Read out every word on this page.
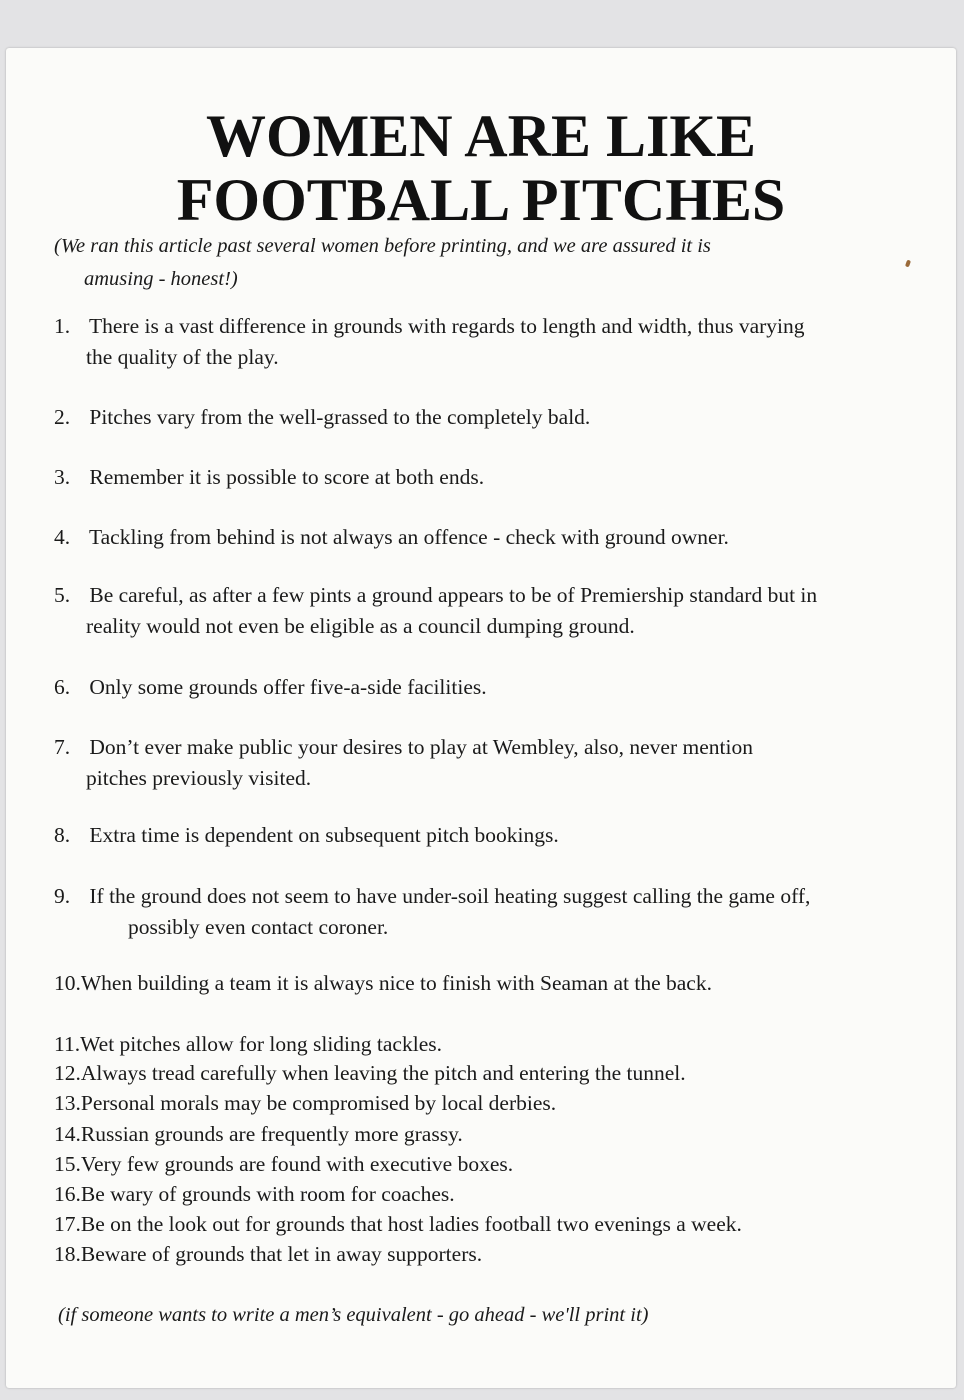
WOMEN ARE LIKE
FOOTBALL PITCHES

(We ran this article past several women before printing, and we are assured it is
amusing - honest!)

1. There is a vast difference in grounds with regards to length and width, thus varying
the quality of the play.

2. Pitches vary from the well-grassed to the completely bald.

3. Remember it is possible to score at both ends.

4. Tackling from behind is not always an offence - check with ground owner.

5. Be careful, as after a few pints a ground appears to be of Premiership standard but in
reality would not even be eligible as a council dumping ground.

6. Only some grounds offer five-a-side facilities.

7. Don’t ever make public your desires to play at Wembley, also, never mention
pitches previously visited.

8. Extra time is dependent on subsequent pitch bookings.

9. If the ground does not seem to have under-soil heating suggest calling the game off,
possibly even contact coroner.

10.When building a team it is always nice to finish with Seaman at the back.

11.Wet pitches allow for long sliding tackles.

12.Always tread carefully when leaving the pitch and entering the tunnel.

13.Personal morals may be compromised by local derbies.

14.Russian grounds are frequently more grassy.

15.Very few grounds are found with executive boxes.

16.Be wary of grounds with room for coaches.

17.Be on the look out for grounds that host ladies football two evenings a week.

18.Beware of grounds that let in away supporters.

(if someone wants to write a men’s equivalent - go ahead - we'll print it)
